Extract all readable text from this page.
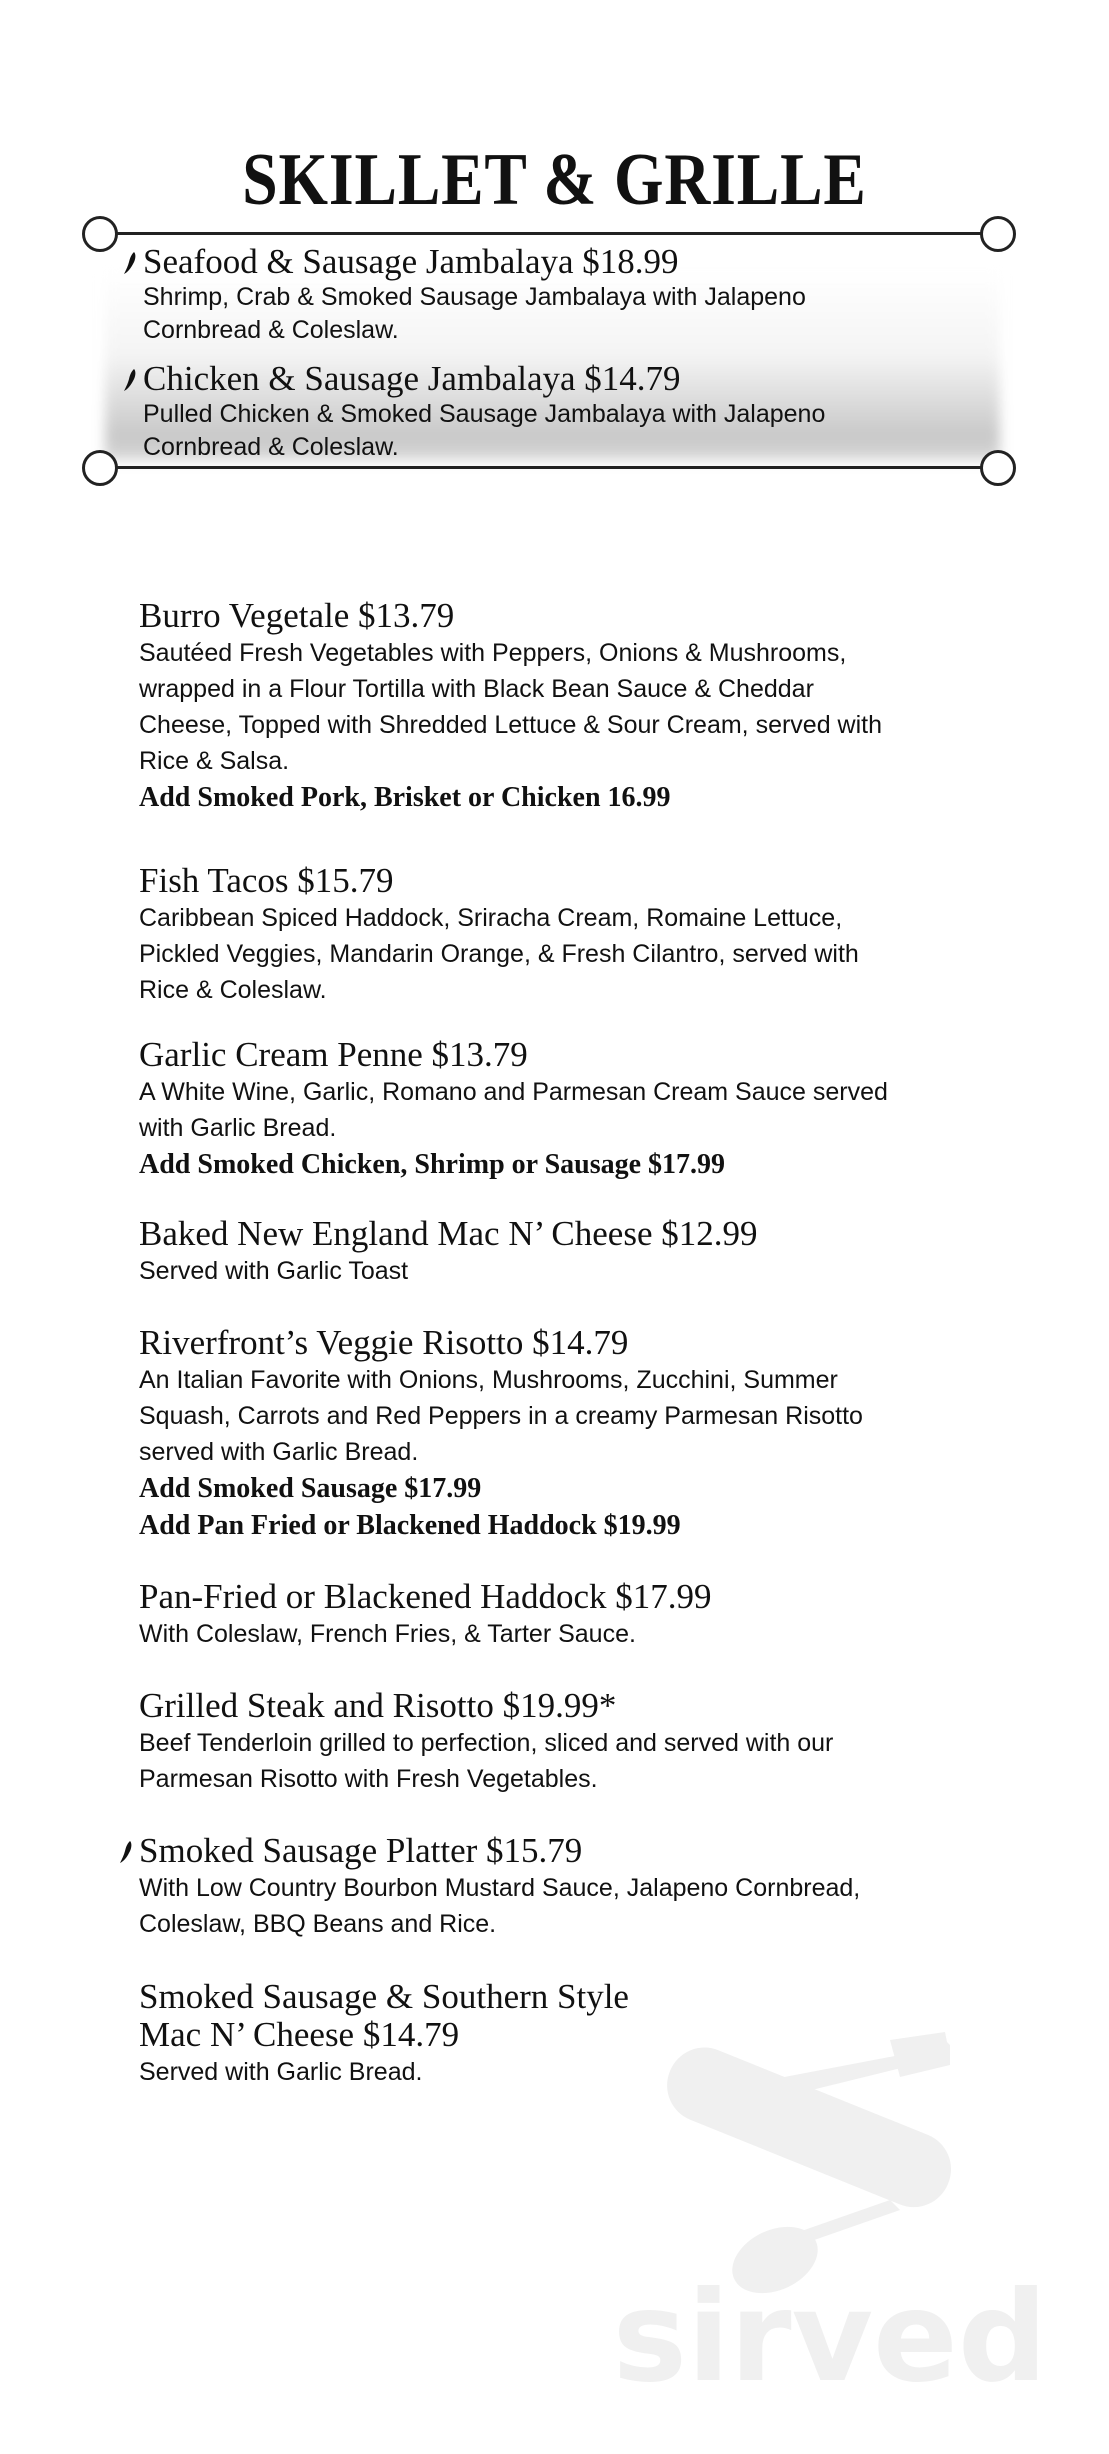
SKILLET & GRILLE
Seafood & Sausage Jambalaya $18.99
Shrimp, Crab & Smoked Sausage Jambalaya with Jalapeno
Cornbread & Coleslaw.
Chicken & Sausage Jambalaya $14.79
Pulled Chicken & Smoked Sausage Jambalaya with Jalapeno
Cornbread & Coleslaw.
Burro Vegetale $13.79
Sautéed Fresh Vegetables with Peppers, Onions & Mushrooms,
wrapped in a Flour Tortilla with Black Bean Sauce & Cheddar
Cheese, Topped with Shredded Lettuce & Sour Cream, served with
Rice & Salsa.
Add Smoked Pork, Brisket or Chicken 16.99
Fish Tacos $15.79
Caribbean Spiced Haddock, Sriracha Cream, Romaine Lettuce,
Pickled Veggies, Mandarin Orange, & Fresh Cilantro, served with
Rice & Coleslaw.
Garlic Cream Penne $13.79
A White Wine, Garlic, Romano and Parmesan Cream Sauce served
with Garlic Bread.
Add Smoked Chicken, Shrimp or Sausage $17.99
Baked New England Mac N’ Cheese $12.99
Served with Garlic Toast
Riverfront’s Veggie Risotto $14.79
An Italian Favorite with Onions, Mushrooms, Zucchini, Summer
Squash, Carrots and Red Peppers in a creamy Parmesan Risotto
served with Garlic Bread.
Add Smoked Sausage $17.99
Add Pan Fried or Blackened Haddock $19.99
Pan-Fried or Blackened Haddock $17.99
With Coleslaw, French Fries, & Tarter Sauce.
Grilled Steak and Risotto $19.99*
Beef Tenderloin grilled to perfection, sliced and served with our
Parmesan Risotto with Fresh Vegetables.
Smoked Sausage Platter $15.79
With Low Country Bourbon Mustard Sauce, Jalapeno Cornbread,
Coleslaw, BBQ Beans and Rice.
Smoked Sausage & Southern Style
Mac N’ Cheese $14.79
Served with Garlic Bread.
sirved
